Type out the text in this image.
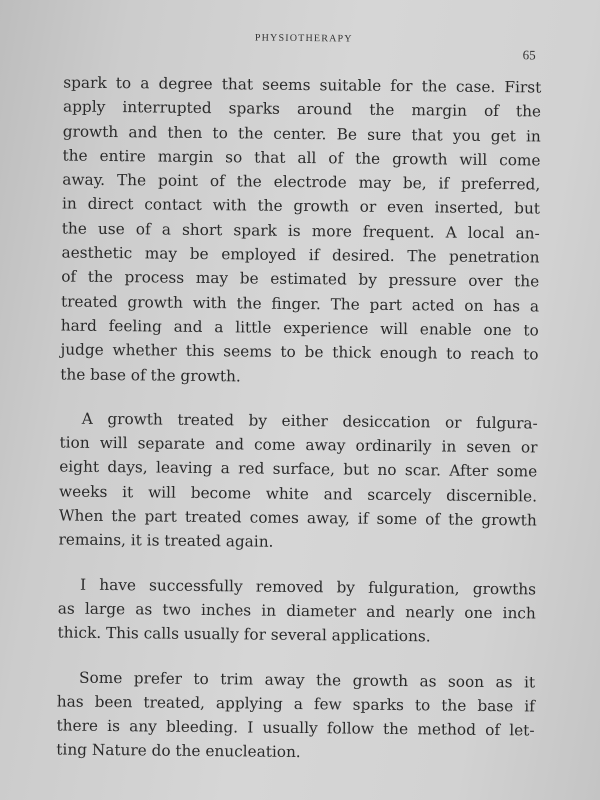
PHYSIOTHERAPY
65
spark to a degree that seems suitable for the case. First
apply interrupted sparks around the margin of the
growth and then to the center. Be sure that you get in
the entire margin so that all of the growth will come
away. The point of the electrode may be, if preferred,
in direct contact with the growth or even inserted, but
the use of a short spark is more frequent. A local an-
aesthetic may be employed if desired. The penetration
of the process may be estimated by pressure over the
treated growth with the finger. The part acted on has a
hard feeling and a little experience will enable one to
judge whether this seems to be thick enough to reach to
the base of the growth.
A growth treated by either desiccation or fulgura-
tion will separate and come away ordinarily in seven or
eight days, leaving a red surface, but no scar. After some
weeks it will become white and scarcely discernible.
When the part treated comes away, if some of the growth
remains, it is treated again.
I have successfully removed by fulguration, growths
as large as two inches in diameter and nearly one inch
thick. This calls usually for several applications.
Some prefer to trim away the growth as soon as it
has been treated, applying a few sparks to the base if
there is any bleeding. I usually follow the method of let-
ting Nature do the enucleation.
